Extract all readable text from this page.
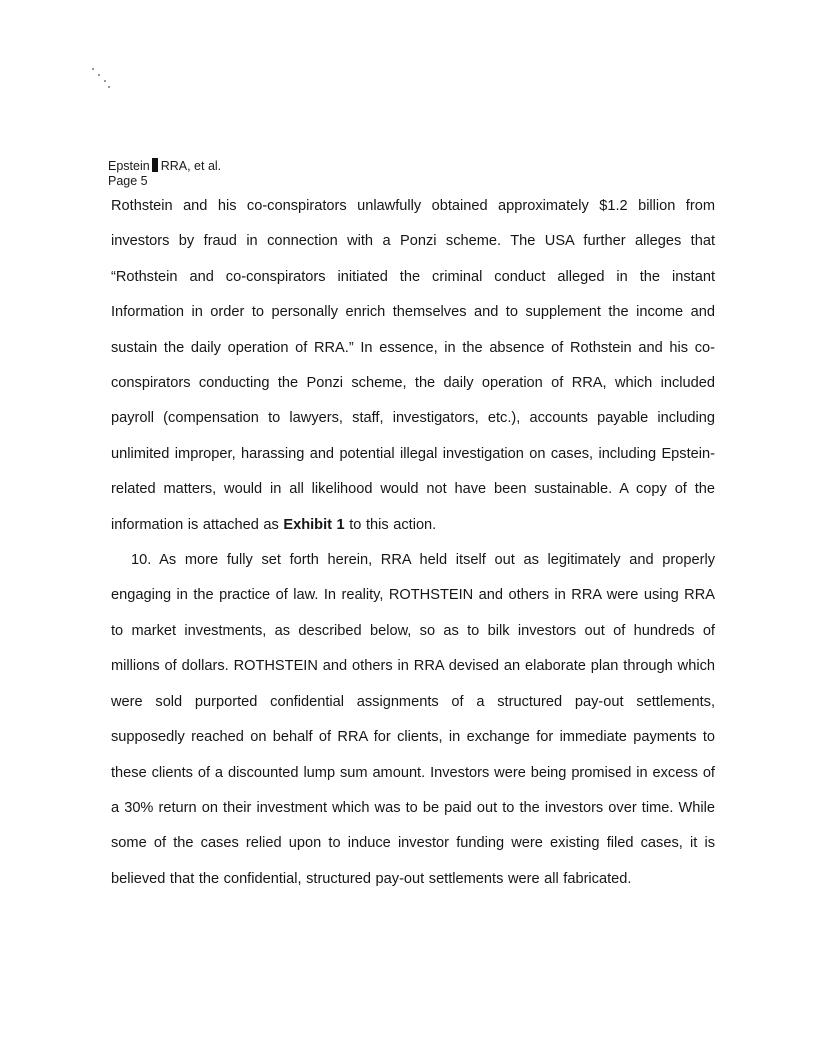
Epstein RRA, et al.
Page 5

Rothstein and his co-conspirators unlawfully obtained approximately $1.2 billion from investors by fraud in connection with a Ponzi scheme. The USA further alleges that “Rothstein and co-conspirators initiated the criminal conduct alleged in the instant Information in order to personally enrich themselves and to supplement the income and sustain the daily operation of RRA.” In essence, in the absence of Rothstein and his co-conspirators conducting the Ponzi scheme, the daily operation of RRA, which included payroll (compensation to lawyers, staff, investigators, etc.), accounts payable including unlimited improper, harassing and potential illegal investigation on cases, including Epstein-related matters, would in all likelihood would not have been sustainable. A copy of the information is attached as Exhibit 1 to this action.

10. As more fully set forth herein, RRA held itself out as legitimately and properly engaging in the practice of law. In reality, ROTHSTEIN and others in RRA were using RRA to market investments, as described below, so as to bilk investors out of hundreds of millions of dollars. ROTHSTEIN and others in RRA devised an elaborate plan through which were sold purported confidential assignments of a structured pay-out settlements, supposedly reached on behalf of RRA for clients, in exchange for immediate payments to these clients of a discounted lump sum amount. Investors were being promised in excess of a 30% return on their investment which was to be paid out to the investors over time. While some of the cases relied upon to induce investor funding were existing filed cases, it is believed that the confidential, structured pay-out settlements were all fabricated.
